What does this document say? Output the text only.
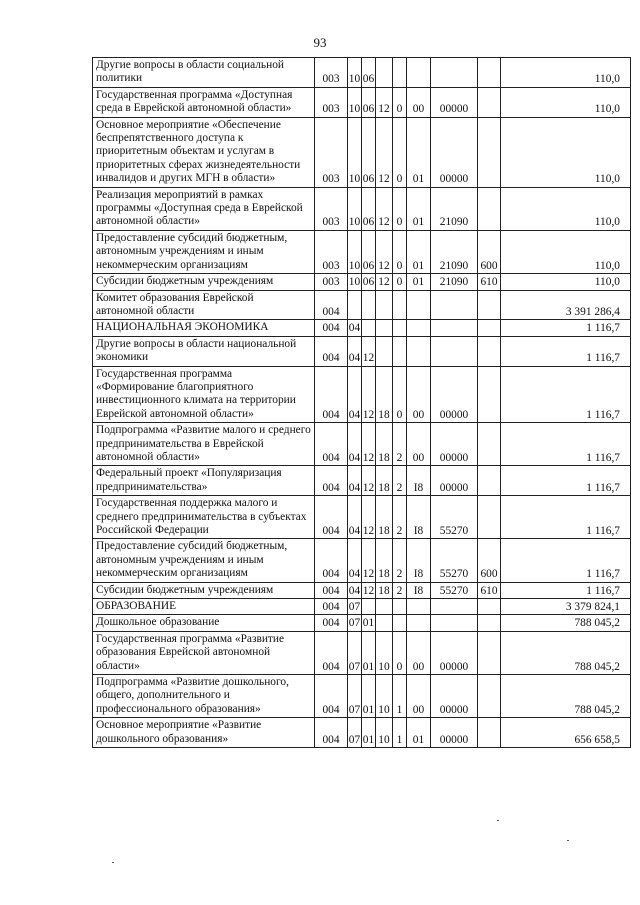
93
Другие вопросы в области социальной политики	003	10	06						110,0
Государственная программа «Доступная среда в Еврейской автономной области»	003	10	06	12	0	00	00000		110,0
Основное мероприятие «Обеспечение беспрепятственного доступа к приоритетным объектам и услугам в приоритетных сферах жизнедеятельности инвалидов и других МГН в области»	003	10	06	12	0	01	00000		110,0
Реализация мероприятий в рамках программы «Доступная среда в Еврейской автономной области»	003	10	06	12	0	01	21090		110,0
Предоставление субсидий бюджетным, автономным учреждениям и иным некоммерческим организациям	003	10	06	12	0	01	21090	600	110,0
Субсидии бюджетным учреждениям	003	10	06	12	0	01	21090	610	110,0
Комитет образования Еврейской автономной области	004								3 391 286,4
НАЦИОНАЛЬНАЯ ЭКОНОМИКА	004	04							1 116,7
Другие вопросы в области национальной экономики	004	04	12						1 116,7
Государственная программа «Формирование благоприятного инвестиционного климата на территории Еврейской автономной области»	004	04	12	18	0	00	00000		1 116,7
Подпрограмма «Развитие малого и среднего предпринимательства в Еврейской автономной области»	004	04	12	18	2	00	00000		1 116,7
Федеральный проект «Популяризация предпринимательства»	004	04	12	18	2	I8	00000		1 116,7
Государственная поддержка малого и среднего предпринимательства в субъектах Российской Федерации	004	04	12	18	2	I8	55270		1 116,7
Предоставление субсидий бюджетным, автономным учреждениям и иным некоммерческим организациям	004	04	12	18	2	I8	55270	600	1 116,7
Субсидии бюджетным учреждениям	004	04	12	18	2	I8	55270	610	1 116,7
ОБРАЗОВАНИЕ	004	07							3 379 824,1
Дошкольное образование	004	07	01						788 045,2
Государственная программа «Развитие образования Еврейской автономной области»	004	07	01	10	0	00	00000		788 045,2
Подпрограмма «Развитие дошкольного, общего, дополнительного и профессионального образования»	004	07	01	10	1	00	00000		788 045,2
Основное мероприятие «Развитие дошкольного образования»	004	07	01	10	1	01	00000		656 658,5
